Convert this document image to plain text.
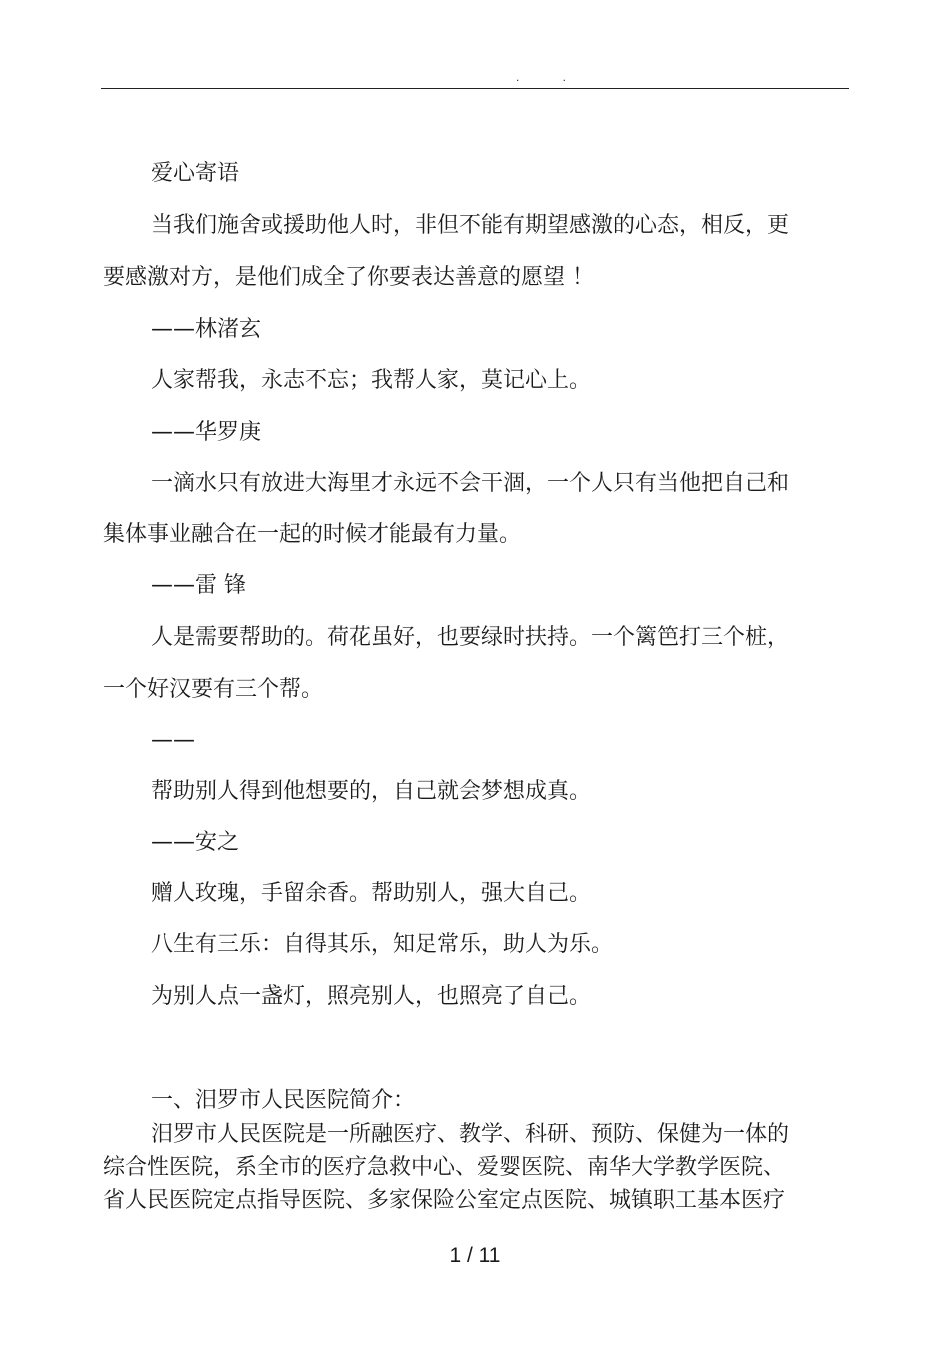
. .
爱心寄语
当我们施舍或援助他人时，非但不能有期望感激的心态，相反，更
要感激对方，是他们成全了你要表达善意的愿望 ！
——林渚玄
人家帮我，永志不忘；我帮人家，莫记心上。
——华罗庚
一滴水只有放进大海里才永远不会干涸，一个人只有当他把自己和
集体事业融合在一起的时候才能最有力量。
——雷 锋
人是需要帮助的。荷花虽好，也要绿时扶持。一个篱笆打三个桩，
一个好汉要有三个帮。
——
帮助别人得到他想要的，自己就会梦想成真。
——安之
赠人玫瑰，手留余香。帮助别人，强大自己。
八生有三乐：自得其乐，知足常乐，助人为乐。
为别人点一盏灯，照亮别人，也照亮了自己。
一、汨罗市人民医院简介：
汨罗市人民医院是一所融医疗、教学、科研、预防、保健为一体的
综合性医院，系全市的医疗急救中心、爱婴医院、南华大学教学医院、
省人民医院定点指导医院、多家保险公室定点医院、城镇职工基本医疗
1 / 11
